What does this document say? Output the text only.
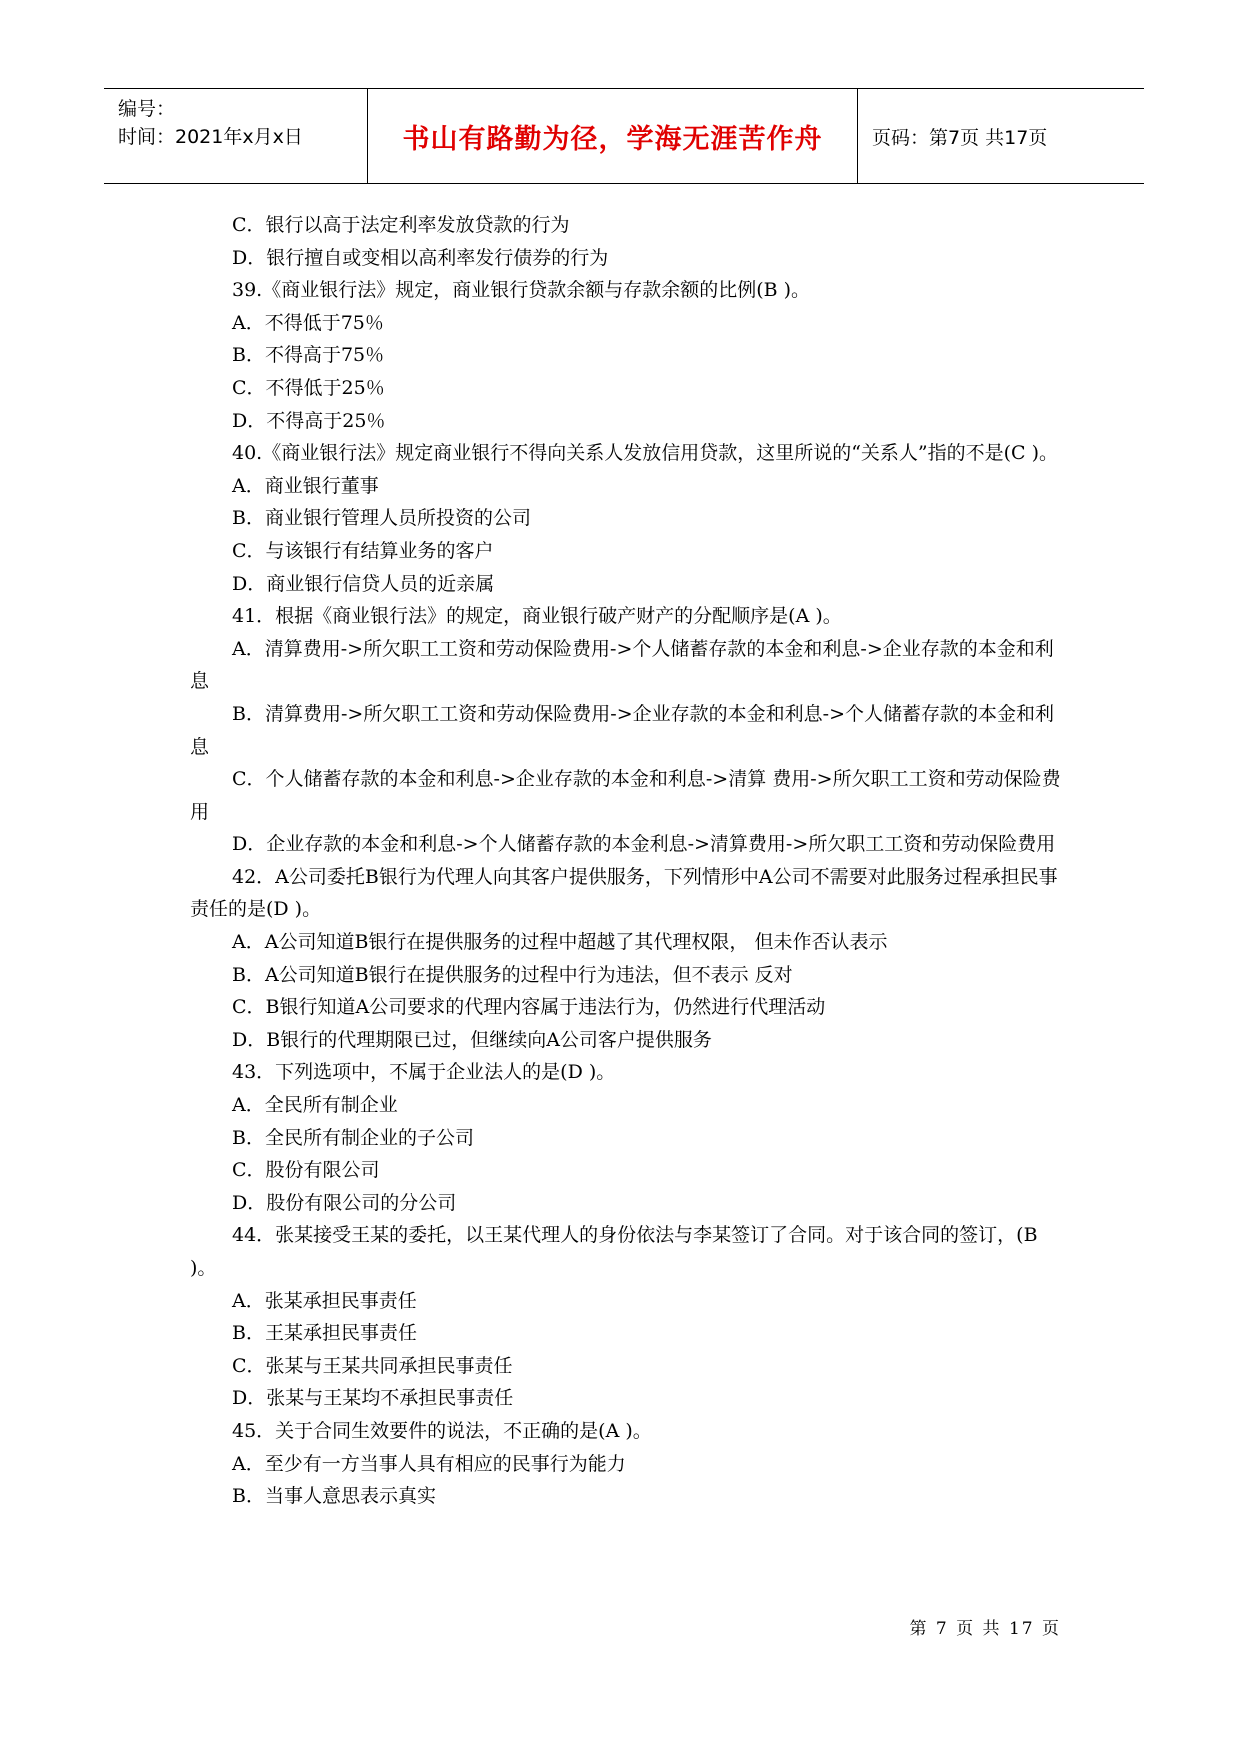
编号：
时间：2021年x月x日	书山有路勤为径，学海无涯苦作舟	页码：第7页 共17页

C．银行以高于法定利率发放贷款的行为

D．银行擅自或变相以高利率发行债券的行为

39.《商业银行法》规定，商业银行贷款余额与存款余额的比例(B )。

A．不得低于75％

B．不得高于75％

C．不得低于25％

D．不得高于25％

40.《商业银行法》规定商业银行不得向关系人发放信用贷款，这里所说的“关系人”指的不是(C )。

A．商业银行董事

B．商业银行管理人员所投资的公司

C．与该银行有结算业务的客户

D．商业银行信贷人员的近亲属

41．根据《商业银行法》的规定，商业银行破产财产的分配顺序是(A )。

A．清算费用->所欠职工工资和劳动保险费用->个人储蓄存款的本金和利息->企业存款的本金和利息

B．清算费用->所欠职工工资和劳动保险费用->企业存款的本金和利息->个人储蓄存款的本金和利息

C．个人储蓄存款的本金和利息->企业存款的本金和利息->清算 费用->所欠职工工资和劳动保险费用

D．企业存款的本金和利息->个人储蓄存款的本金利息->清算费用->所欠职工工资和劳动保险费用

42．A公司委托B银行为代理人向其客户提供服务，下列情形中A公司不需要对此服务过程承担民事责任的是(D )。

A．A公司知道B银行在提供服务的过程中超越了其代理权限， 但未作否认表示

B．A公司知道B银行在提供服务的过程中行为违法，但不表示 反对

C．B银行知道A公司要求的代理内容属于违法行为，仍然进行代理活动

D．B银行的代理期限已过，但继续向A公司客户提供服务

43．下列选项中，不属于企业法人的是(D )。

A．全民所有制企业

B．全民所有制企业的子公司

C．股份有限公司

D．股份有限公司的分公司

44．张某接受王某的委托，以王某代理人的身份依法与李某签订了合同。对于该合同的签订，(B )。

A．张某承担民事责任

B．王某承担民事责任

C．张某与王某共同承担民事责任

D．张某与王某均不承担民事责任

45．关于合同生效要件的说法，不正确的是(A )。

A．至少有一方当事人具有相应的民事行为能力

B．当事人意思表示真实

第 7 页 共 17 页
